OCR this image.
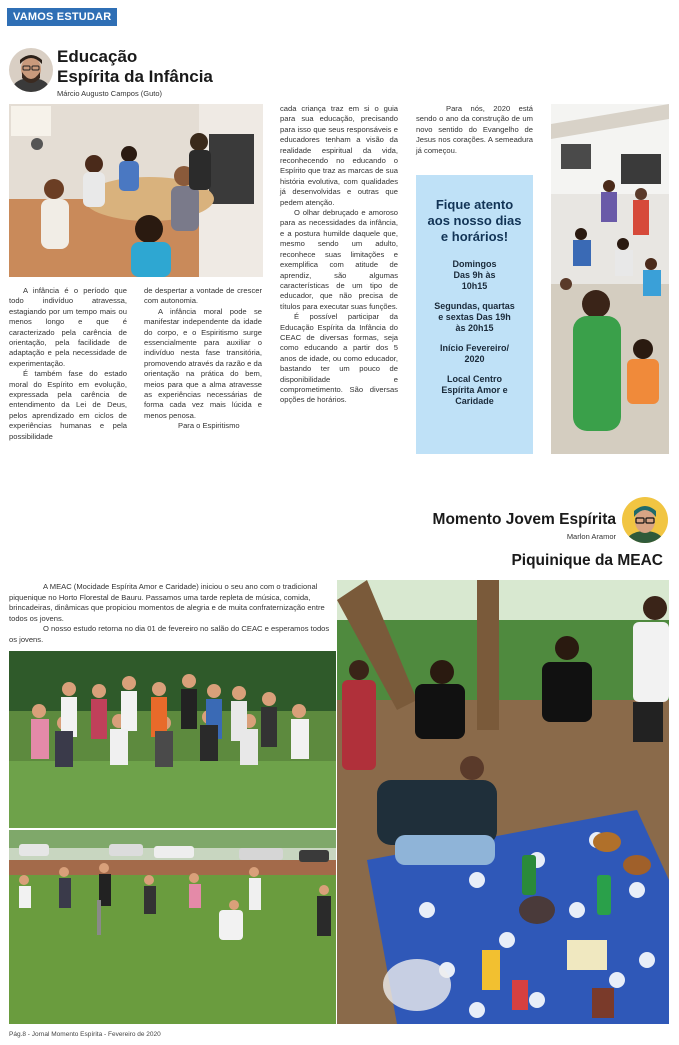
VAMOS ESTUDAR
Educação
Espírita da Infância
Márcio Augusto Campos (Guto)

A infância é o período que todo indivíduo atravessa, estagiando por um tempo mais ou menos longo e que é caracterizado pela carência de orientação, pela facilidade de adaptação e pela necessidade de experimentação.

É também fase do estado moral do Espírito em evolução, expressada pela carência de entendimento da Lei de Deus, pelos aprendizado em ciclos de experiências humanas e pela possibilidade

de despertar a vontade de crescer com autonomia.

A infância moral pode se manifestar independente da idade do corpo, e o Espiritismo surge essencialmente para auxiliar o indivíduo nesta fase transitória, promovendo através da razão e da orientação na prática do bem, meios para que a alma atravesse as experiências necessárias de forma cada vez mais lúcida e menos penosa.

Para o Espiritismo

cada criança traz em si o guia para sua educação, precisando para isso que seus responsáveis e educadores tenham a visão da realidade espiritual da vida, reconhecendo no educando o Espírito que traz as marcas de sua história evolutiva, com qualidades já desenvolvidas e outras que pedem atenção.

O olhar debruçado e amoroso para as necessidades da infância, e a postura humilde daquele que, mesmo sendo um adulto, reconhece suas limitações e exemplifica com atitude de aprendiz, são algumas características de um tipo de educador, que não precisa de títulos para executar suas funções.

É possível participar da Educação Espírita da Infância do CEAC de diversas formas, seja como educando a partir dos 5 anos de idade, ou como educador, bastando ter um pouco de disponibilidade e comprometimento. São diversas opções de horários.

Para nós, 2020 está sendo o ano da construção de um novo sentido do Evangelho de Jesus nos corações. A semeadura já começou.

Fique atento aos nosso dias e horários!
Domingos Das 9h às 10h15
Segundas, quartas e sextas Das 19h às 20h15
Início Fevereiro/ 2020
Local Centro Espírita Amor e Caridade
Momento Jovem Espírita
Marlon Aramor
Piquinique da MEAC

A MEAC (Mocidade Espírita Amor e Caridade) iniciou o seu ano com o tradicional piquenique no Horto Florestal de Bauru. Passamos uma tarde repleta de música, comida, brincadeiras, dinâmicas que propiciou momentos de alegria e de muita confraternização entre todos os jovens.

O nosso estudo retorna no dia 01 de fevereiro no salão do CEAC e esperamos todos os jovens.

Pág.8 - Jornal Momento Espírita - Fevereiro de 2020
